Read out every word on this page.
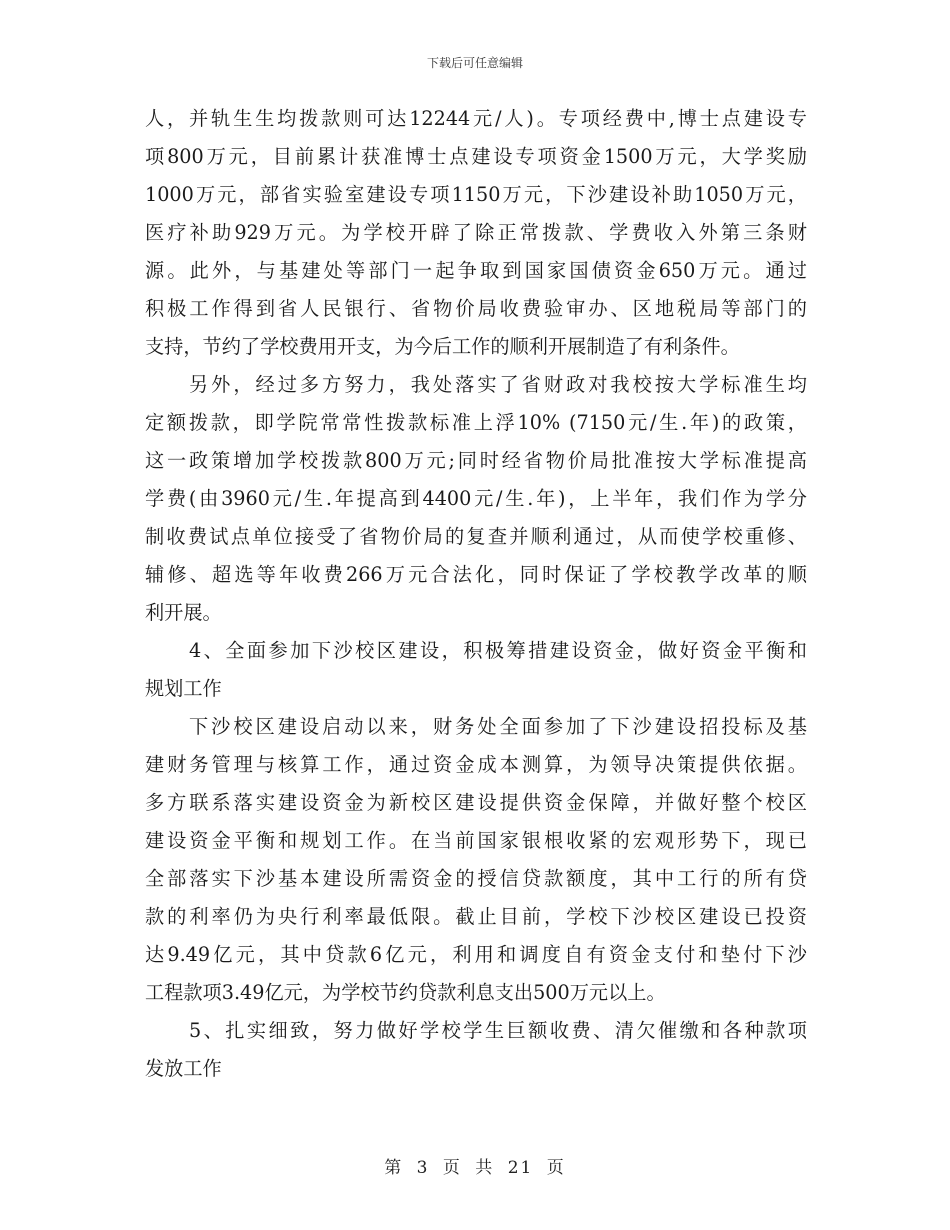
下载后可任意编辑
人，并轨生生均拨款则可达12244元/人)。专项经费中,博士点建设专
项800万元，目前累计获准博士点建设专项资金1500万元，大学奖励
1000万元，部省实验室建设专项1150万元，下沙建设补助1050万元，
医疗补助929万元。为学校开辟了除正常拨款、学费收入外第三条财
源。此外，与基建处等部门一起争取到国家国债资金650万元。通过
积极工作得到省人民银行、省物价局收费验审办、区地税局等部门的
支持，节约了学校费用开支，为今后工作的顺利开展制造了有利条件。
另外，经过多方努力，我处落实了省财政对我校按大学标准生均
定额拨款，即学院常常性拨款标准上浮10% (7150元/生.年)的政策，
这一政策增加学校拨款800万元;同时经省物价局批准按大学标准提高
学费(由3960元/生.年提高到4400元/生.年)，上半年，我们作为学分
制收费试点单位接受了省物价局的复查并顺利通过，从而使学校重修、
辅修、超选等年收费266万元合法化，同时保证了学校教学改革的顺
利开展。
4、全面参加下沙校区建设，积极筹措建设资金，做好资金平衡和
规划工作
下沙校区建设启动以来，财务处全面参加了下沙建设招投标及基
建财务管理与核算工作，通过资金成本测算，为领导决策提供依据。
多方联系落实建设资金为新校区建设提供资金保障，并做好整个校区
建设资金平衡和规划工作。在当前国家银根收紧的宏观形势下，现已
全部落实下沙基本建设所需资金的授信贷款额度，其中工行的所有贷
款的利率仍为央行利率最低限。截止目前，学校下沙校区建设已投资
达9.49亿元，其中贷款6亿元，利用和调度自有资金支付和垫付下沙
工程款项3.49亿元，为学校节约贷款利息支出500万元以上。
5、扎实细致，努力做好学校学生巨额收费、清欠催缴和各种款项
发放工作
第 3 页 共 21 页
